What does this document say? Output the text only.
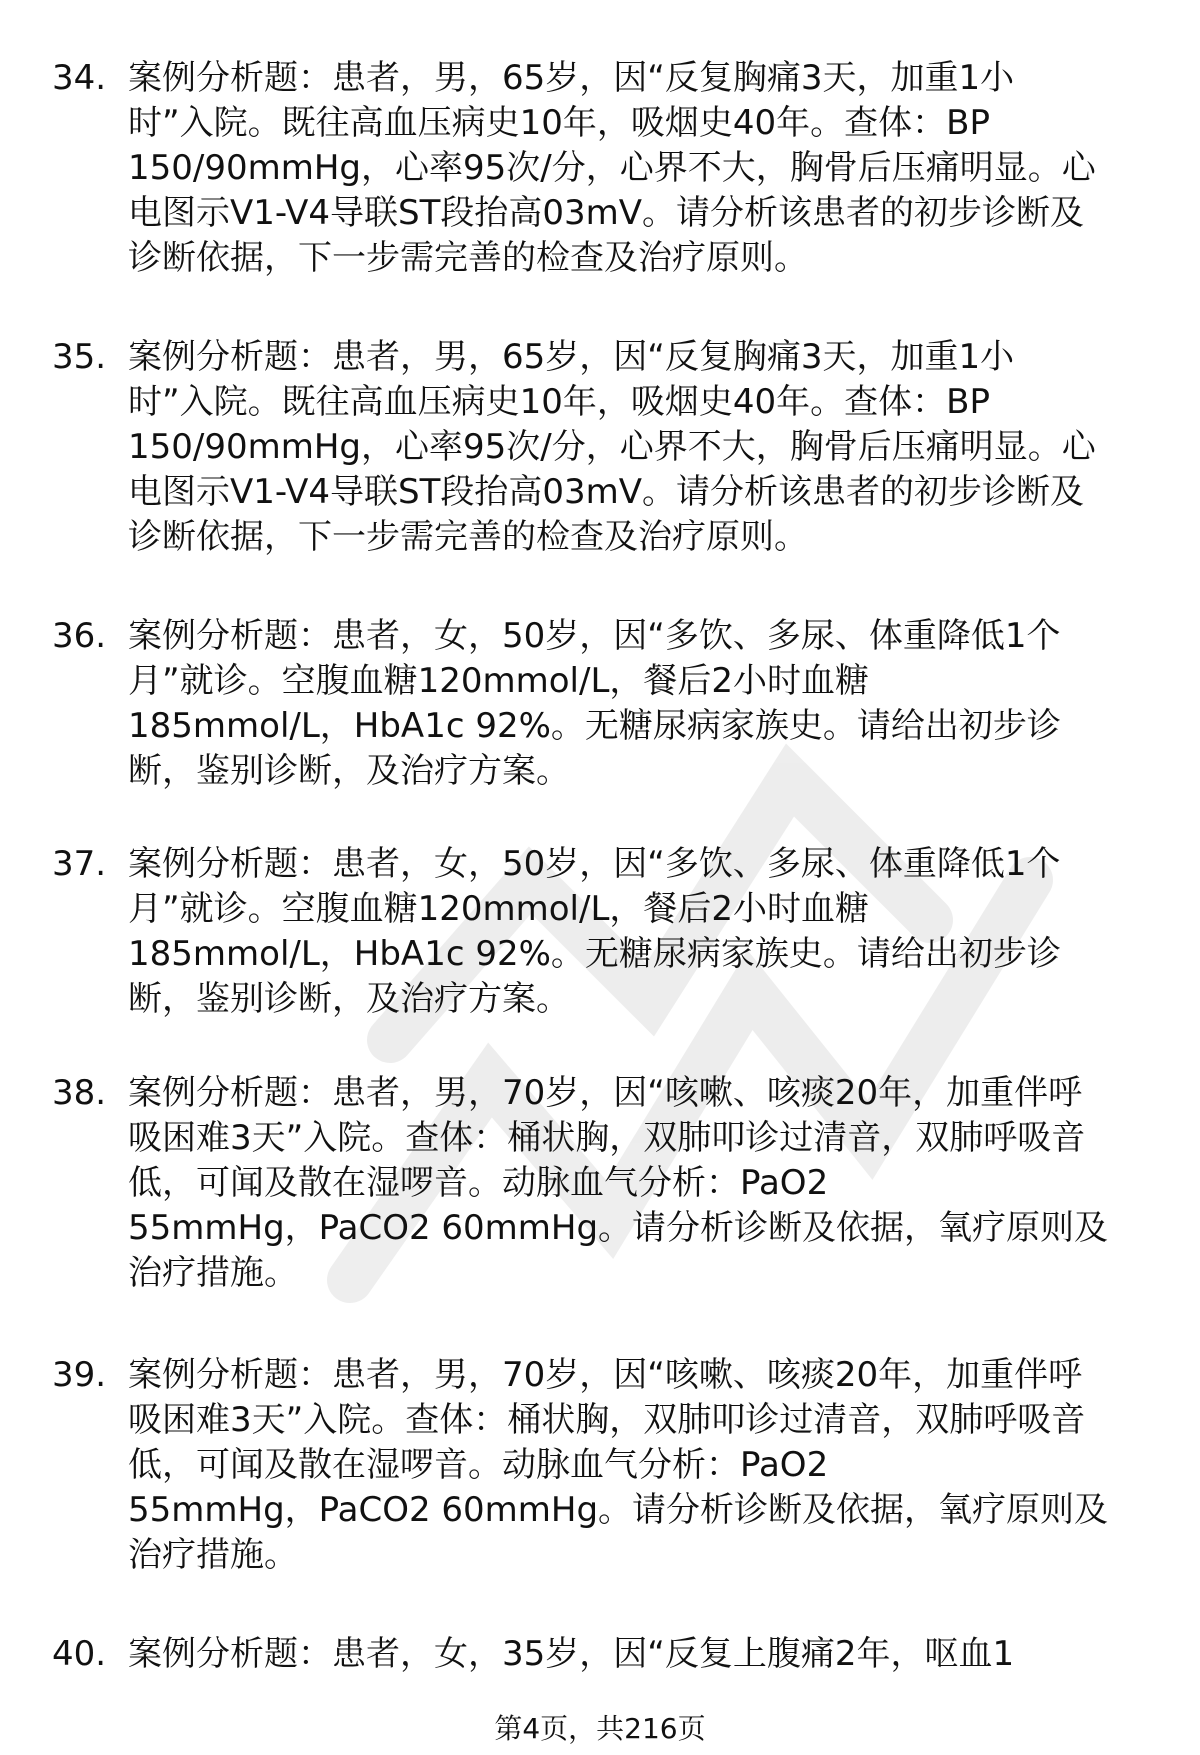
34. 案例分析题：患者，男，65岁，因“反复胸痛3天，加重1小
时”入院。既往高血压病史10年，吸烟史40年。查体：BP
150/90mmHg，心率95次/分，心界不大，胸骨后压痛明显。心
电图示V1-V4导联ST段抬高03mV。请分析该患者的初步诊断及
诊断依据，下一步需完善的检查及治疗原则。
35. 案例分析题：患者，男，65岁，因“反复胸痛3天，加重1小
时”入院。既往高血压病史10年，吸烟史40年。查体：BP
150/90mmHg，心率95次/分，心界不大，胸骨后压痛明显。心
电图示V1-V4导联ST段抬高03mV。请分析该患者的初步诊断及
诊断依据，下一步需完善的检查及治疗原则。
36. 案例分析题：患者，女，50岁，因“多饮、多尿、体重降低1个
月”就诊。空腹血糖120mmol/L，餐后2小时血糖
185mmol/L，HbA1c 92%。无糖尿病家族史。请给出初步诊
断，鉴别诊断，及治疗方案。
37. 案例分析题：患者，女，50岁，因“多饮、多尿、体重降低1个
月”就诊。空腹血糖120mmol/L，餐后2小时血糖
185mmol/L，HbA1c 92%。无糖尿病家族史。请给出初步诊
断，鉴别诊断，及治疗方案。
38. 案例分析题：患者，男，70岁，因“咳嗽、咳痰20年，加重伴呼
吸困难3天”入院。查体：桶状胸，双肺叩诊过清音，双肺呼吸音
低，可闻及散在湿啰音。动脉血气分析：PaO2
55mmHg，PaCO2 60mmHg。请分析诊断及依据，氧疗原则及
治疗措施。
39. 案例分析题：患者，男，70岁，因“咳嗽、咳痰20年，加重伴呼
吸困难3天”入院。查体：桶状胸，双肺叩诊过清音，双肺呼吸音
低，可闻及散在湿啰音。动脉血气分析：PaO2
55mmHg，PaCO2 60mmHg。请分析诊断及依据，氧疗原则及
治疗措施。
40. 案例分析题：患者，女，35岁，因“反复上腹痛2年，呕血1
第4页，共216页
